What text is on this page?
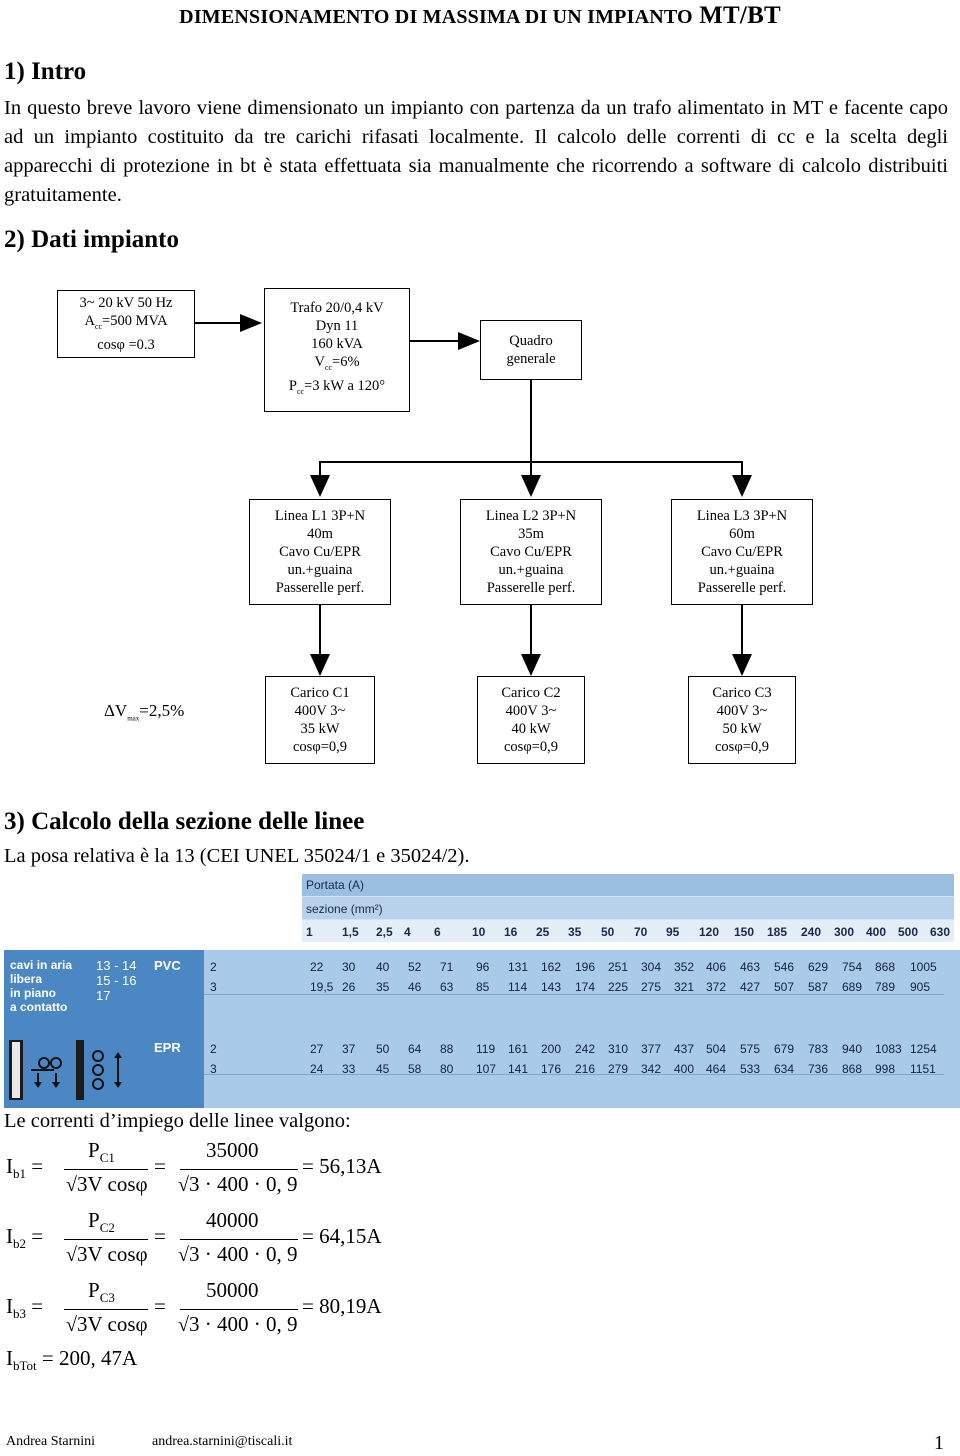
DIMENSIONAMENTO DI MASSIMA DI UN IMPIANTO MT/BT
1) Intro
In questo breve lavoro viene dimensionato un impianto con partenza da un trafo alimentato in MT e facente capo ad un impianto costituito da tre carichi rifasati localmente. Il calcolo delle correnti di cc e la scelta degli apparecchi di protezione in bt è stata effettuata sia manualmente che ricorrendo a software di calcolo distribuiti gratuitamente.
2) Dati impianto
3~ 20 kV 50 Hz
$A_{cc}=500$ MVA
cosφ =0.3
Trafo 20/0,4 kV
Dyn 11
160 kVA
$V_{cc}=6\%$
$P_{cc}=3$ kW a 120°
Quadro
generale
Linea L1 3P+N
40m
Cavo Cu/EPR
un.+guaina
Passerelle perf.
Linea L2 3P+N
35m
Cavo Cu/EPR
un.+guaina
Passerelle perf.
Linea L3 3P+N
60m
Cavo Cu/EPR
un.+guaina
Passerelle perf.
Carico C1
400V 3~
35 kW
cosφ=0,9
Carico C2
400V 3~
40 kW
cosφ=0,9
Carico C3
400V 3~
50 kW
cosφ=0,9
$\Delta V_{max}=2,5\%$
3) Calcolo della sezione delle linee
La posa relativa è la 13 (CEI UNEL 35024/1 e 35024/2).
Portata (A)
sezione (mm²)
1 1,5 2,5 4 6	10 16 25 35 50 70 95 120 150 185 240 300 400 500 630
cavi in aria
libera
in piano
a contatto
13 - 14
15 - 16
17
PVC
EPR
2	22 30 40 52 71 96 131 162 196 251 304 352 406 463 546 629 754 868 1005
3	19,5 26 35 46 63 85 114 143 174 225 275 321 372 427 507 587 689 789 905
2	27 37 50 64 88 119 161 200 242 310 377 437 504 575 679 783 940 1083 1254
3	24 33 45 58 80 107 141 176 216 279 342 400 464 533 634 736 868 998 1151
Le correnti d’impiego delle linee valgono:
$I_{b1}$ =
$P_{C1}$
√3V cosφ
=
35000
√3 · 400 · 0, 9
= 56,13A
$I_{b2}$ =
$P_{C2}$
√3V cosφ
=
40000
√3 · 400 · 0, 9
= 64,15A
$I_{b3}$ =
$P_{C3}$
√3V cosφ
=
50000
√3 · 400 · 0, 9
= 80,19A
$I_{bTot} = 200$, 47A
Andrea Starnini	andrea.starnini@tiscali.it	1
